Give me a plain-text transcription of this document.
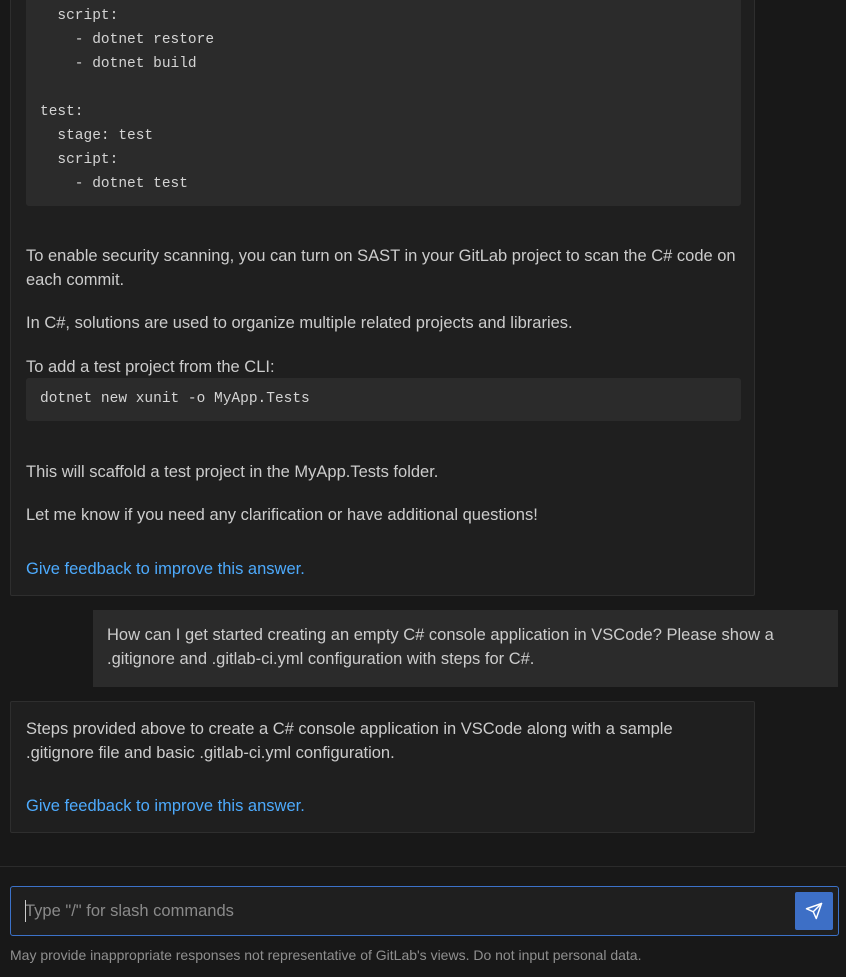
script:
- dotnet restore
- dotnet build

test:
stage: test
script:
- dotnet test
To enable security scanning, you can turn on SAST in your GitLab project to scan the C# code on each commit.
In C#, solutions are used to organize multiple related projects and libraries.
To add a test project from the CLI:
dotnet new xunit -o MyApp.Tests
This will scaffold a test project in the MyApp.Tests folder.
Let me know if you need any clarification or have additional questions!
Give feedback to improve this answer.
How can I get started creating an empty C# console application in VSCode? Please show a .gitignore and .gitlab-ci.yml configuration with steps for C#.
Steps provided above to create a C# console application in VSCode along with a sample .gitignore file and basic .gitlab-ci.yml configuration.
Give feedback to improve this answer.
Type "/" for slash commands
May provide inappropriate responses not representative of GitLab's views. Do not input personal data.
